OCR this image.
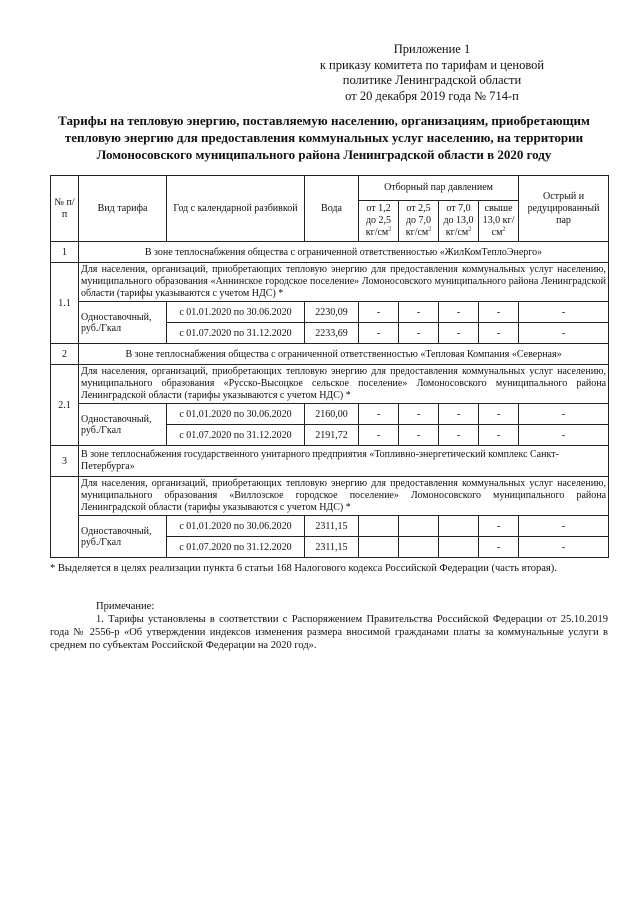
Приложение 1
к приказу комитета по тарифам и ценовой
политике Ленинградской области
от 20 декабря 2019 года № 714-п
Тарифы на тепловую энергию, поставляемую населению, организациям, приобретающим тепловую энергию для предоставления коммунальных услуг населению, на территории Ломоносовского муниципального района Ленинградской области в 2020 году
№ п/п	Вид тарифа	Год с календарной разбивкой	Вода	Отборный пар давлением				Острый и редуцированный пар
				от 1,2 до 2,5 $кг/см^2$	от 2,5 до 7,0 $кг/см^2$	от 7,0 до 13,0 $кг/см^2$	свыше 13,0 $кг/см^2$
1	В зоне теплоснабжения общества с ограниченной ответственностью «ЖилКомТеплоЭнерго»							
1.1	Для населения, организаций, приобретающих тепловую энергию для предоставления коммунальных услуг населению, муниципального образования «Аннинское городское поселение» Ломоносовского муниципального района Ленинградской области (тарифы указываются с учетом НДС) *							
	Одноставочный, руб./Гкал	с 01.01.2020 по 30.06.2020	2230,09	-	-	-	-	-
		с 01.07.2020 по 31.12.2020	2233,69	-	-	-	-	-
2	В зоне теплоснабжения общества с ограниченной ответственностью «Тепловая Компания «Северная»							
2.1	Для населения, организаций, приобретающих тепловую энергию для предоставления коммунальных услуг населению, муниципального образования «Русско-Высоцкое сельское поселение» Ломоносовского муниципального района Ленинградской области (тарифы указываются с учетом НДС) *							
	Одноставочный, руб./Гкал	с 01.01.2020 по 30.06.2020	2160,00	-	-	-	-	-
		с 01.07.2020 по 31.12.2020	2191,72	-	-	-	-	-
3	В зоне теплоснабжения государственного унитарного предприятия «Топливно-энергетический комплекс Санкт-Петербурга»							
	Для населения, организаций, приобретающих тепловую энергию для предоставления коммунальных услуг населению, муниципального образования «Виллозское городское поселение» Ломоносовского муниципального района Ленинградской области (тарифы указываются с учетом НДС) *							
	Одноставочный, руб./Гкал	с 01.01.2020 по 30.06.2020	2311,15				-	-
		с 01.07.2020 по 31.12.2020	2311,15				-	-
* Выделяется в целях реализации пункта 6 статьи 168 Налогового кодекса Российской Федерации (часть вторая).
Примечание:
1. Тарифы установлены в соответствии с Распоряжением Правительства Российской Федерации от 25.10.2019 года № 2556-р «Об утверждении индексов изменения размера вносимой гражданами платы за коммунальные услуги в среднем по субъектам Российской Федерации на 2020 год».
